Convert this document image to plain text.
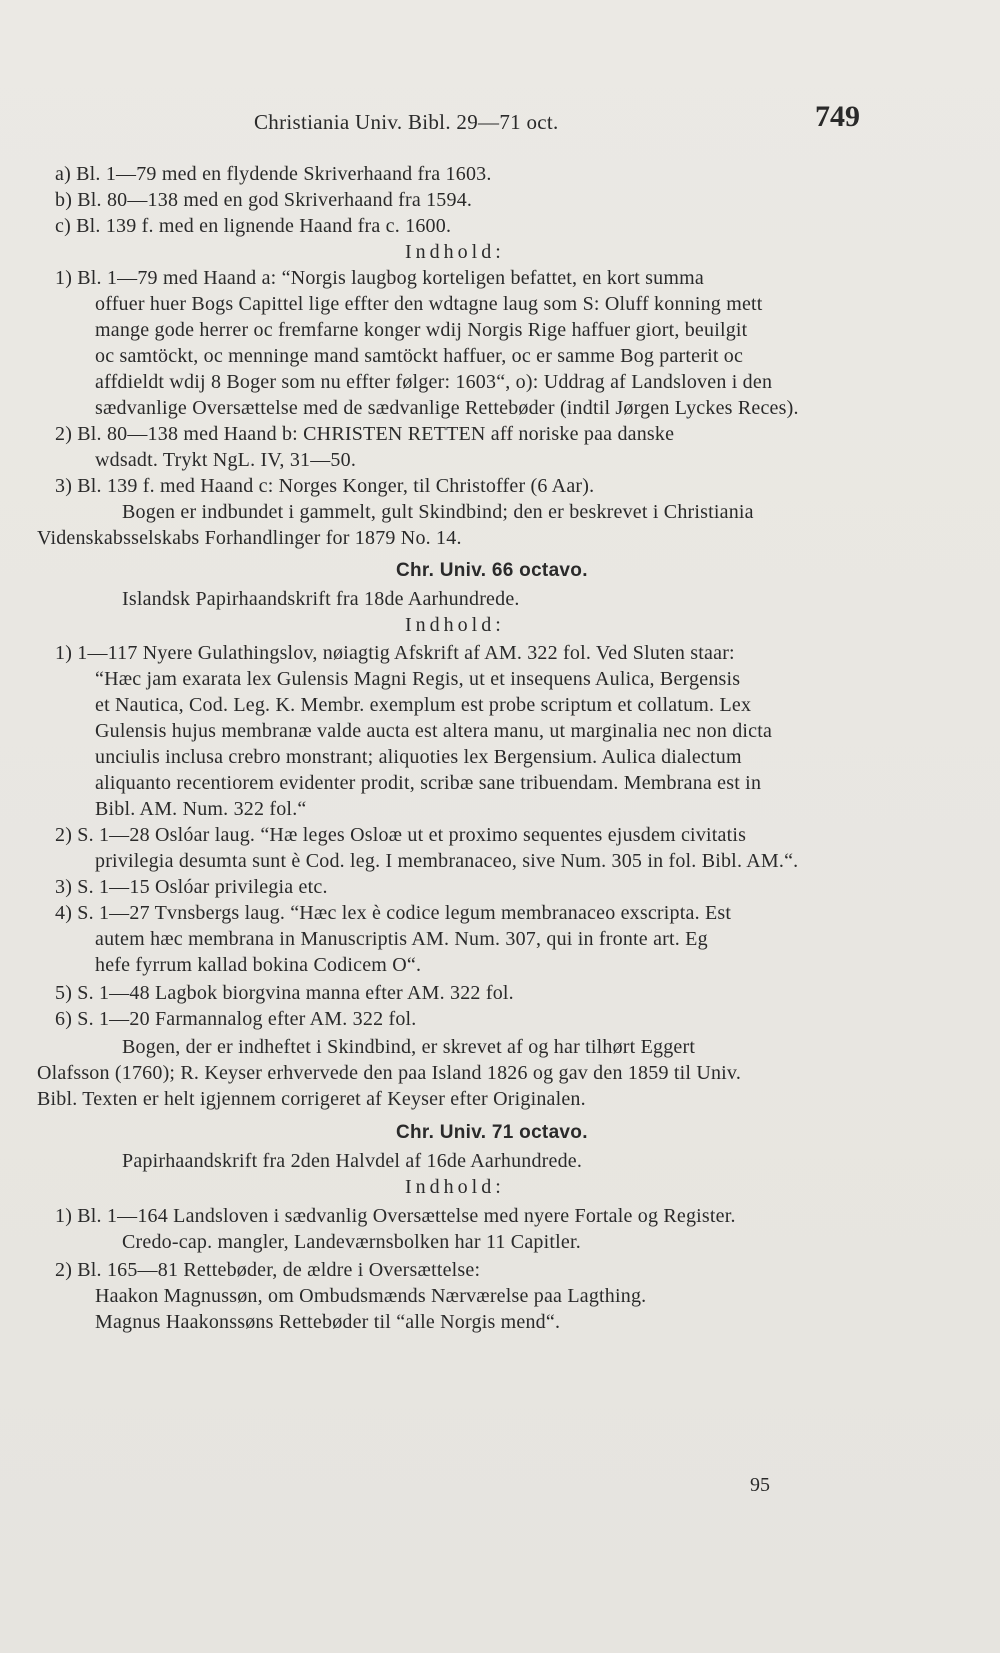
Christiania Univ. Bibl. 29—71 oct.	749
a) Bl. 1—79 med en flydende Skriverhaand fra 1603.
b) Bl. 80—138 med en god Skriverhaand fra 1594.
c) Bl. 139 f. med en lignende Haand fra c. 1600.
Indhold:
1) Bl. 1—79 med Haand a: “Norgis laugbog korteligen befattet, en kort summa
offuer huer Bogs Capittel lige effter den wdtagne laug som S: Oluff konning mett
mange gode herrer oc fremfarne konger wdij Norgis Rige haffuer giort, beuilgit
oc samtöckt, oc menninge mand samtöckt haffuer, oc er samme Bog parterit oc
affdieldt wdij 8 Boger som nu effter følger: 1603“, o): Uddrag af Landsloven i den
sædvanlige Oversættelse med de sædvanlige Rettebøder (indtil Jørgen Lyckes Reces).
2) Bl. 80—138 med Haand b: CHRISTEN RETTEN aff noriske paa danske
wdsadt. Trykt NgL. IV, 31—50.
3) Bl. 139 f. med Haand c: Norges Konger, til Christoffer (6 Aar).
Bogen er indbundet i gammelt, gult Skindbind; den er beskrevet i Christiania
Videnskabsselskabs Forhandlinger for 1879 No. 14.
Chr. Univ. 66 octavo.
Islandsk Papirhaandskrift fra 18de Aarhundrede.
Indhold:
1) 1—117 Nyere Gulathingslov, nøiagtig Afskrift af AM. 322 fol. Ved Sluten staar:
“Hæc jam exarata lex Gulensis Magni Regis, ut et insequens Aulica, Bergensis
et Nautica, Cod. Leg. K. Membr. exemplum est probe scriptum et collatum. Lex
Gulensis hujus membranæ valde aucta est altera manu, ut marginalia nec non dicta
unciulis inclusa crebro monstrant; aliquoties lex Bergensium. Aulica dialectum
aliquanto recentiorem evidenter prodit, scribæ sane tribuendam. Membrana est in
Bibl. AM. Num. 322 fol.“
2) S. 1—28 Oslóar laug. “Hæ leges Osloæ ut et proximo sequentes ejusdem civitatis
privilegia desumta sunt è Cod. leg. I membranaceo, sive Num. 305 in fol. Bibl. AM.“.
3) S. 1—15 Oslóar privilegia etc.
4) S. 1—27 Tvnsbergs laug. “Hæc lex è codice legum membranaceo exscripta. Est
autem hæc membrana in Manuscriptis AM. Num. 307, qui in fronte art. Eg
hefe fyrrum kallad bokina Codicem O“.
5) S. 1—48 Lagbok biorgvina manna efter AM. 322 fol.
6) S. 1—20 Farmannalog efter AM. 322 fol.
Bogen, der er indheftet i Skindbind, er skrevet af og har tilhørt Eggert
Olafsson (1760); R. Keyser erhvervede den paa Island 1826 og gav den 1859 til Univ.
Bibl. Texten er helt igjennem corrigeret af Keyser efter Originalen.
Chr. Univ. 71 octavo.
Papirhaandskrift fra 2den Halvdel af 16de Aarhundrede.
Indhold:
1) Bl. 1—164 Landsloven i sædvanlig Oversættelse med nyere Fortale og Register.
Credo-cap. mangler, Landeværnsbolken har 11 Capitler.
2) Bl. 165—81 Rettebøder, de ældre i Oversættelse:
Haakon Magnussøn, om Ombudsmænds Nærværelse paa Lagthing.
Magnus Haakonssøns Rettebøder til “alle Norgis mend“.
95
